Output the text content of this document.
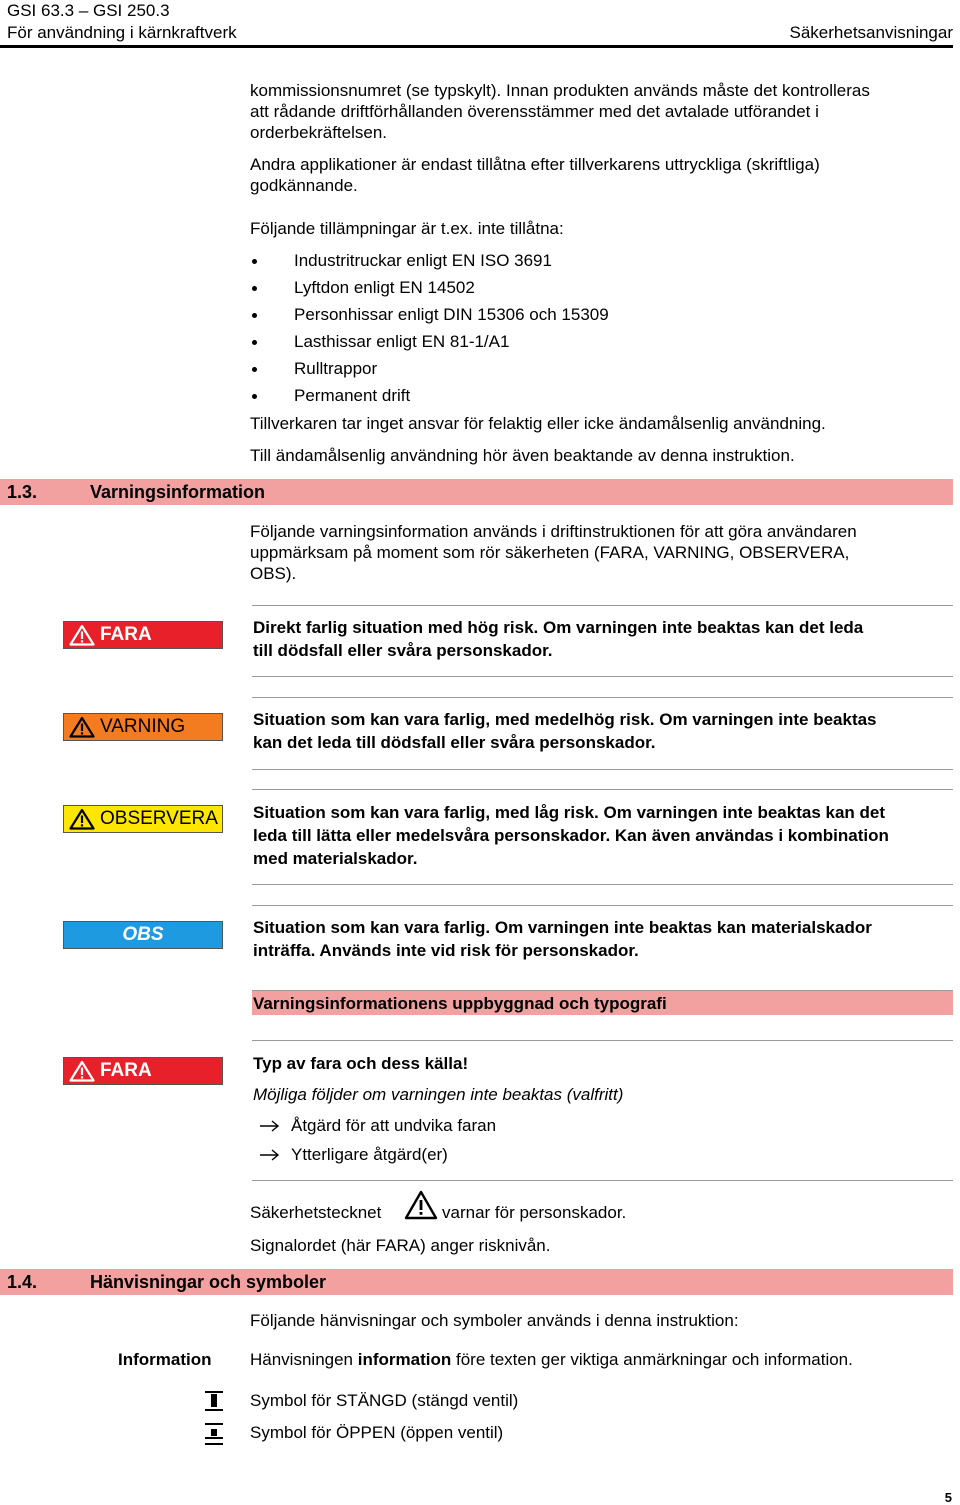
GSI 63.3 – GSI 250.3
För användning i kärnkraftverk	Säkerhetsanvisningar
kommissionsnumret (se typskylt). Innan produkten används måste det kontrolleras
att rådande driftförhållanden överensstämmer med det avtalade utförandet i
orderbekräftelsen.
Andra applikationer är endast tillåtna efter tillverkarens uttryckliga (skriftliga)
godkännande.
Följande tillämpningar är t.ex. inte tillåtna:
Industritruckar enligt EN ISO 3691
Lyftdon enligt EN 14502
Personhissar enligt DIN 15306 och 15309
Lasthissar enligt EN 81-1/A1
Rulltrappor
Permanent drift
Tillverkaren tar inget ansvar för felaktig eller icke ändamålsenlig användning.
Till ändamålsenlig användning hör även beaktande av denna instruktion.
1.3.	Varningsinformation
Följande varningsinformation används i driftinstruktionen för att göra användaren
uppmärksam på moment som rör säkerheten (FARA, VARNING, OBSERVERA,
OBS).
FARA	Direkt farlig situation med hög risk. Om varningen inte beaktas kan det leda
till dödsfall eller svåra personskador.
VARNING	Situation som kan vara farlig, med medelhög risk. Om varningen inte beaktas
kan det leda till dödsfall eller svåra personskador.
OBSERVERA Situation som kan vara farlig, med låg risk. Om varningen inte beaktas kan det
leda till lätta eller medelsvåra personskador. Kan även användas i kombination
med materialskador.
OBS	Situation som kan vara farlig. Om varningen inte beaktas kan materialskador
inträffa. Används inte vid risk för personskador.
Varningsinformationens uppbyggnad och typografi
FARA	Typ av fara och dess källa!
Möjliga följder om varningen inte beaktas (valfritt)
Åtgärd för att undvika faran
Ytterligare åtgärd(er)
Säkerhetstecknet	varnar för personskador.
Signalordet (här FARA) anger risknivån.
1.4.	Hänvisningar och symboler
Följande hänvisningar och symboler används i denna instruktion:
Information Hänvisningen information före texten ger viktiga anmärkningar och information.
Symbol för STÄNGD (stängd ventil)
Symbol för ÖPPEN (öppen ventil)
5
